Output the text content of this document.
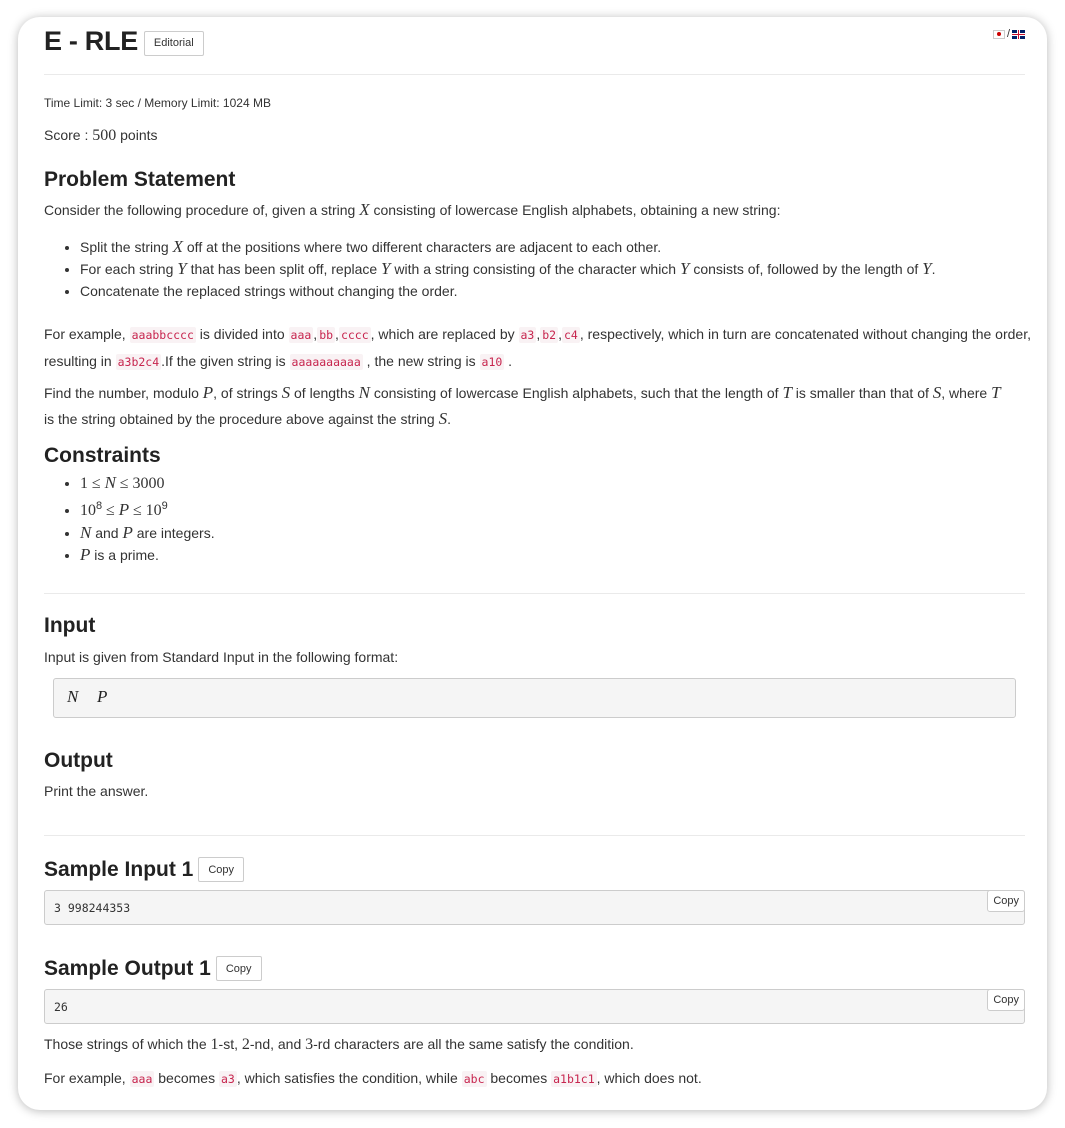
E - RLE	Editorial
/
Time Limit: 3 sec / Memory Limit: 1024 MB
Score : 500 points
Problem Statement
Consider the following procedure of, given a string X consisting of lowercase English alphabets, obtaining a new string:
• Split the string X off at the positions where two different characters are adjacent to each other.
• For each string Y that has been split off, replace Y with a string consisting of the character which Y consists of, followed by the length of Y.
• Concatenate the replaced strings without changing the order.
For example, aaabbcccc is divided into aaa , bb , cccc , which are replaced by a3 , b2 , c4 , respectively, which in turn are concatenated without changing the order,
resulting in a3b2c4 .If the given string is aaaaaaaaaa , the new string is a10 .
Find the number, modulo P, of strings S of lengths N consisting of lowercase English alphabets, such that the length of T is smaller than that of S, where T
is the string obtained by the procedure above against the string S.
Constraints
• 1 ≤ N ≤ 3000
• $10^8 \le P \le 10^9$
• N and P are integers.
• P is a prime.
Input
Input is given from Standard Input in the following format:
N P
Output
Print the answer.
Sample Input 1	Copy
3 998244353	Copy
Sample Output 1	Copy
26	Copy
Those strings of which the 1-st, 2-nd, and 3-rd characters are all the same satisfy the condition.
For example, aaa becomes a3 , which satisfies the condition, while abc becomes a1b1c1 , which does not.
